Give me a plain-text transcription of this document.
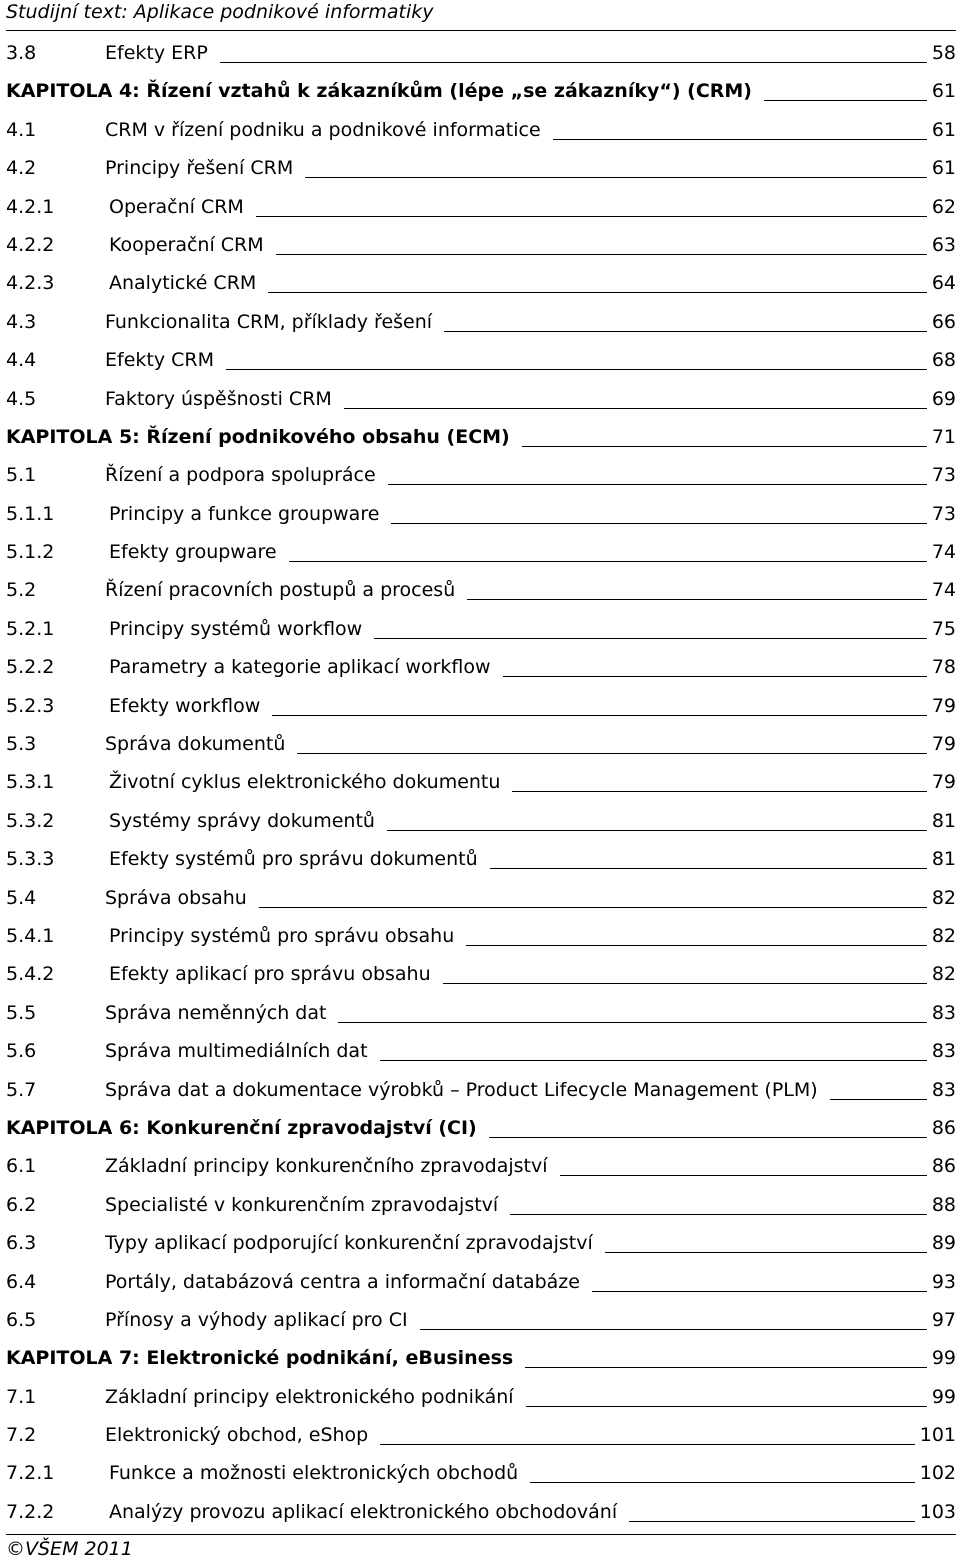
Studijní text: Aplikace podnikové informatiky
3.8	Efekty ERP	58
KAPITOLA 4: Řízení vztahů k zákazníkům (lépe „se zákazníky“) (CRM)	61
4.1	CRM v řízení podniku a podnikové informatice	61
4.2	Principy řešení CRM	61
4.2.1	Operační CRM	62
4.2.2	Kooperační CRM	63
4.2.3	Analytické CRM	64
4.3	Funkcionalita CRM, příklady řešení	66
4.4	Efekty CRM	68
4.5	Faktory úspěšnosti CRM	69
KAPITOLA 5: Řízení podnikového obsahu (ECM)	71
5.1	Řízení a podpora spolupráce	73
5.1.1	Principy a funkce groupware	73
5.1.2	Efekty groupware	74
5.2	Řízení pracovních postupů a procesů	74
5.2.1	Principy systémů workflow	75
5.2.2	Parametry a kategorie aplikací workflow	78
5.2.3	Efekty workflow	79
5.3	Správa dokumentů	79
5.3.1	Životní cyklus elektronického dokumentu	79
5.3.2	Systémy správy dokumentů	81
5.3.3	Efekty systémů pro správu dokumentů	81
5.4	Správa obsahu	82
5.4.1	Principy systémů pro správu obsahu	82
5.4.2	Efekty aplikací pro správu obsahu	82
5.5	Správa neměnných dat	83
5.6	Správa multimediálních dat	83
5.7	Správa dat a dokumentace výrobků – Product Lifecycle Management (PLM)	83
KAPITOLA 6: Konkurenční zpravodajství (CI)	86
6.1	Základní principy konkurenčního zpravodajství	86
6.2	Specialisté v konkurenčním zpravodajství	88
6.3	Typy aplikací podporující konkurenční zpravodajství	89
6.4	Portály, databázová centra a informační databáze	93
6.5	Přínosy a výhody aplikací pro CI	97
KAPITOLA 7: Elektronické podnikání, eBusiness	99
7.1	Základní principy elektronického podnikání	99
7.2	Elektronický obchod, eShop	101
7.2.1	Funkce a možnosti elektronických obchodů	102
7.2.2	Analýzy provozu aplikací elektronického obchodování	103
©VŠEM 2011
